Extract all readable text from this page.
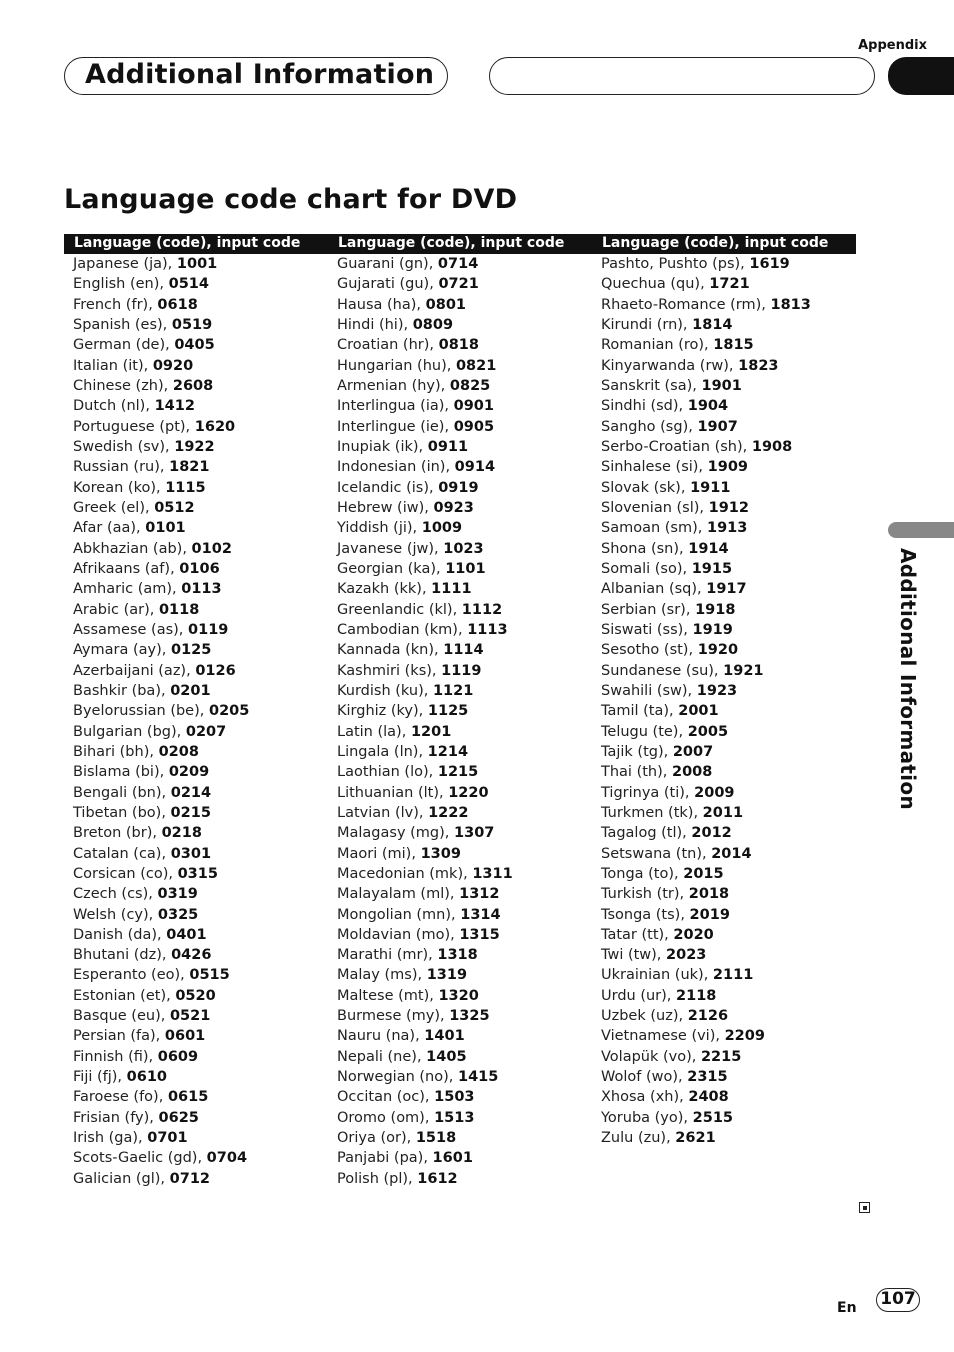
Appendix
Additional Information
Language code chart for DVD
Language (code), input code	Language (code), input code	Language (code), input code
Japanese (ja), 1001
English (en), 0514
French (fr), 0618
Spanish (es), 0519
German (de), 0405
Italian (it), 0920
Chinese (zh), 2608
Dutch (nl), 1412
Portuguese (pt), 1620
Swedish (sv), 1922
Russian (ru), 1821
Korean (ko), 1115
Greek (el), 0512
Afar (aa), 0101
Abkhazian (ab), 0102
Afrikaans (af), 0106
Amharic (am), 0113
Arabic (ar), 0118
Assamese (as), 0119
Aymara (ay), 0125
Azerbaijani (az), 0126
Bashkir (ba), 0201
Byelorussian (be), 0205
Bulgarian (bg), 0207
Bihari (bh), 0208
Bislama (bi), 0209
Bengali (bn), 0214
Tibetan (bo), 0215
Breton (br), 0218
Catalan (ca), 0301
Corsican (co), 0315
Czech (cs), 0319
Welsh (cy), 0325
Danish (da), 0401
Bhutani (dz), 0426
Esperanto (eo), 0515
Estonian (et), 0520
Basque (eu), 0521
Persian (fa), 0601
Finnish (fi), 0609
Fiji (fj), 0610
Faroese (fo), 0615
Frisian (fy), 0625
Irish (ga), 0701
Scots-Gaelic (gd), 0704
Galician (gl), 0712
Guarani (gn), 0714
Gujarati (gu), 0721
Hausa (ha), 0801
Hindi (hi), 0809
Croatian (hr), 0818
Hungarian (hu), 0821
Armenian (hy), 0825
Interlingua (ia), 0901
Interlingue (ie), 0905
Inupiak (ik), 0911
Indonesian (in), 0914
Icelandic (is), 0919
Hebrew (iw), 0923
Yiddish (ji), 1009
Javanese (jw), 1023
Georgian (ka), 1101
Kazakh (kk), 1111
Greenlandic (kl), 1112
Cambodian (km), 1113
Kannada (kn), 1114
Kashmiri (ks), 1119
Kurdish (ku), 1121
Kirghiz (ky), 1125
Latin (la), 1201
Lingala (ln), 1214
Laothian (lo), 1215
Lithuanian (lt), 1220
Latvian (lv), 1222
Malagasy (mg), 1307
Maori (mi), 1309
Macedonian (mk), 1311
Malayalam (ml), 1312
Mongolian (mn), 1314
Moldavian (mo), 1315
Marathi (mr), 1318
Malay (ms), 1319
Maltese (mt), 1320
Burmese (my), 1325
Nauru (na), 1401
Nepali (ne), 1405
Norwegian (no), 1415
Occitan (oc), 1503
Oromo (om), 1513
Oriya (or), 1518
Panjabi (pa), 1601
Polish (pl), 1612
Pashto, Pushto (ps), 1619
Quechua (qu), 1721
Rhaeto-Romance (rm), 1813
Kirundi (rn), 1814
Romanian (ro), 1815
Kinyarwanda (rw), 1823
Sanskrit (sa), 1901
Sindhi (sd), 1904
Sangho (sg), 1907
Serbo-Croatian (sh), 1908
Sinhalese (si), 1909
Slovak (sk), 1911
Slovenian (sl), 1912
Samoan (sm), 1913
Shona (sn), 1914
Somali (so), 1915
Albanian (sq), 1917
Serbian (sr), 1918
Siswati (ss), 1919
Sesotho (st), 1920
Sundanese (su), 1921
Swahili (sw), 1923
Tamil (ta), 2001
Telugu (te), 2005
Tajik (tg), 2007
Thai (th), 2008
Tigrinya (ti), 2009
Turkmen (tk), 2011
Tagalog (tl), 2012
Setswana (tn), 2014
Tonga (to), 2015
Turkish (tr), 2018
Tsonga (ts), 2019
Tatar (tt), 2020
Twi (tw), 2023
Ukrainian (uk), 2111
Urdu (ur), 2118
Uzbek (uz), 2126
Vietnamese (vi), 2209
Volapük (vo), 2215
Wolof (wo), 2315
Xhosa (xh), 2408
Yoruba (yo), 2515
Zulu (zu), 2621
Additional Information
En 107
